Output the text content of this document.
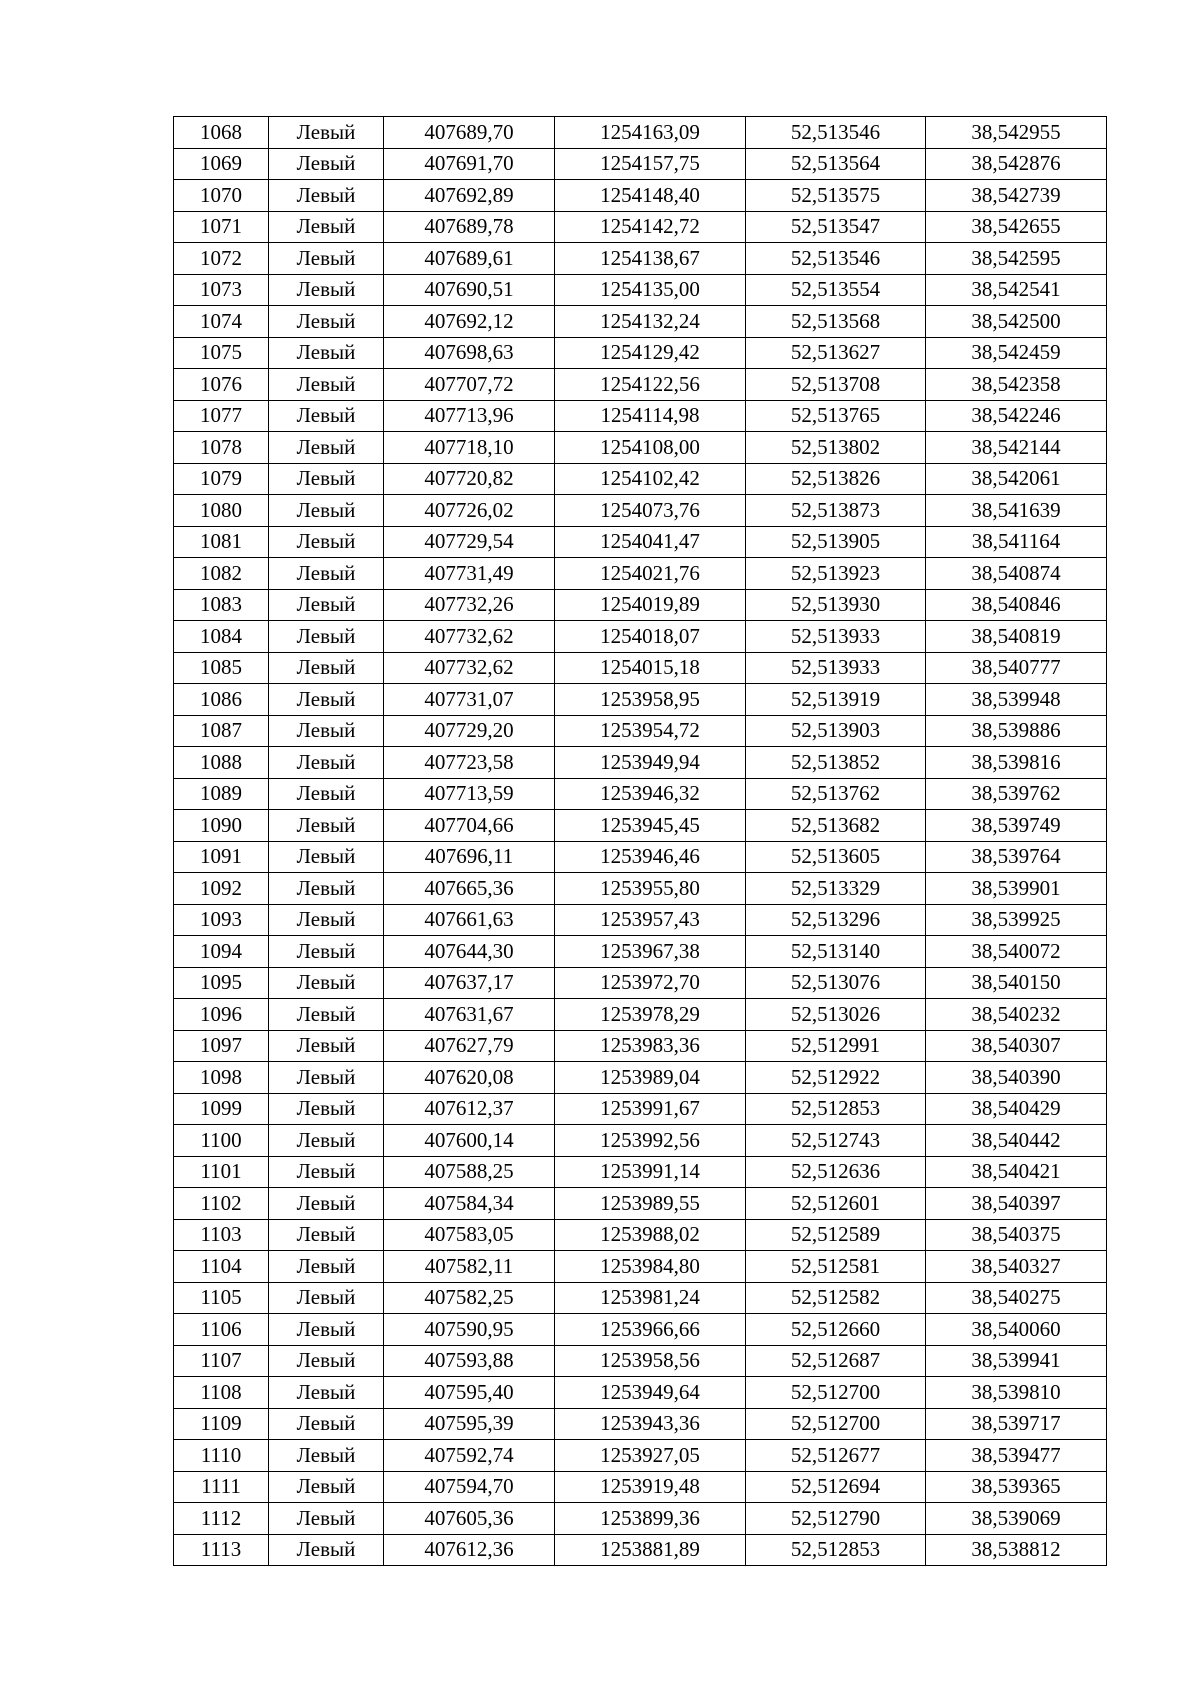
1068	Левый	407689,70	1254163,09	52,513546	38,542955
1069	Левый	407691,70	1254157,75	52,513564	38,542876
1070	Левый	407692,89	1254148,40	52,513575	38,542739
1071	Левый	407689,78	1254142,72	52,513547	38,542655
1072	Левый	407689,61	1254138,67	52,513546	38,542595
1073	Левый	407690,51	1254135,00	52,513554	38,542541
1074	Левый	407692,12	1254132,24	52,513568	38,542500
1075	Левый	407698,63	1254129,42	52,513627	38,542459
1076	Левый	407707,72	1254122,56	52,513708	38,542358
1077	Левый	407713,96	1254114,98	52,513765	38,542246
1078	Левый	407718,10	1254108,00	52,513802	38,542144
1079	Левый	407720,82	1254102,42	52,513826	38,542061
1080	Левый	407726,02	1254073,76	52,513873	38,541639
1081	Левый	407729,54	1254041,47	52,513905	38,541164
1082	Левый	407731,49	1254021,76	52,513923	38,540874
1083	Левый	407732,26	1254019,89	52,513930	38,540846
1084	Левый	407732,62	1254018,07	52,513933	38,540819
1085	Левый	407732,62	1254015,18	52,513933	38,540777
1086	Левый	407731,07	1253958,95	52,513919	38,539948
1087	Левый	407729,20	1253954,72	52,513903	38,539886
1088	Левый	407723,58	1253949,94	52,513852	38,539816
1089	Левый	407713,59	1253946,32	52,513762	38,539762
1090	Левый	407704,66	1253945,45	52,513682	38,539749
1091	Левый	407696,11	1253946,46	52,513605	38,539764
1092	Левый	407665,36	1253955,80	52,513329	38,539901
1093	Левый	407661,63	1253957,43	52,513296	38,539925
1094	Левый	407644,30	1253967,38	52,513140	38,540072
1095	Левый	407637,17	1253972,70	52,513076	38,540150
1096	Левый	407631,67	1253978,29	52,513026	38,540232
1097	Левый	407627,79	1253983,36	52,512991	38,540307
1098	Левый	407620,08	1253989,04	52,512922	38,540390
1099	Левый	407612,37	1253991,67	52,512853	38,540429
1100	Левый	407600,14	1253992,56	52,512743	38,540442
1101	Левый	407588,25	1253991,14	52,512636	38,540421
1102	Левый	407584,34	1253989,55	52,512601	38,540397
1103	Левый	407583,05	1253988,02	52,512589	38,540375
1104	Левый	407582,11	1253984,80	52,512581	38,540327
1105	Левый	407582,25	1253981,24	52,512582	38,540275
1106	Левый	407590,95	1253966,66	52,512660	38,540060
1107	Левый	407593,88	1253958,56	52,512687	38,539941
1108	Левый	407595,40	1253949,64	52,512700	38,539810
1109	Левый	407595,39	1253943,36	52,512700	38,539717
1110	Левый	407592,74	1253927,05	52,512677	38,539477
1111	Левый	407594,70	1253919,48	52,512694	38,539365
1112	Левый	407605,36	1253899,36	52,512790	38,539069
1113	Левый	407612,36	1253881,89	52,512853	38,538812
